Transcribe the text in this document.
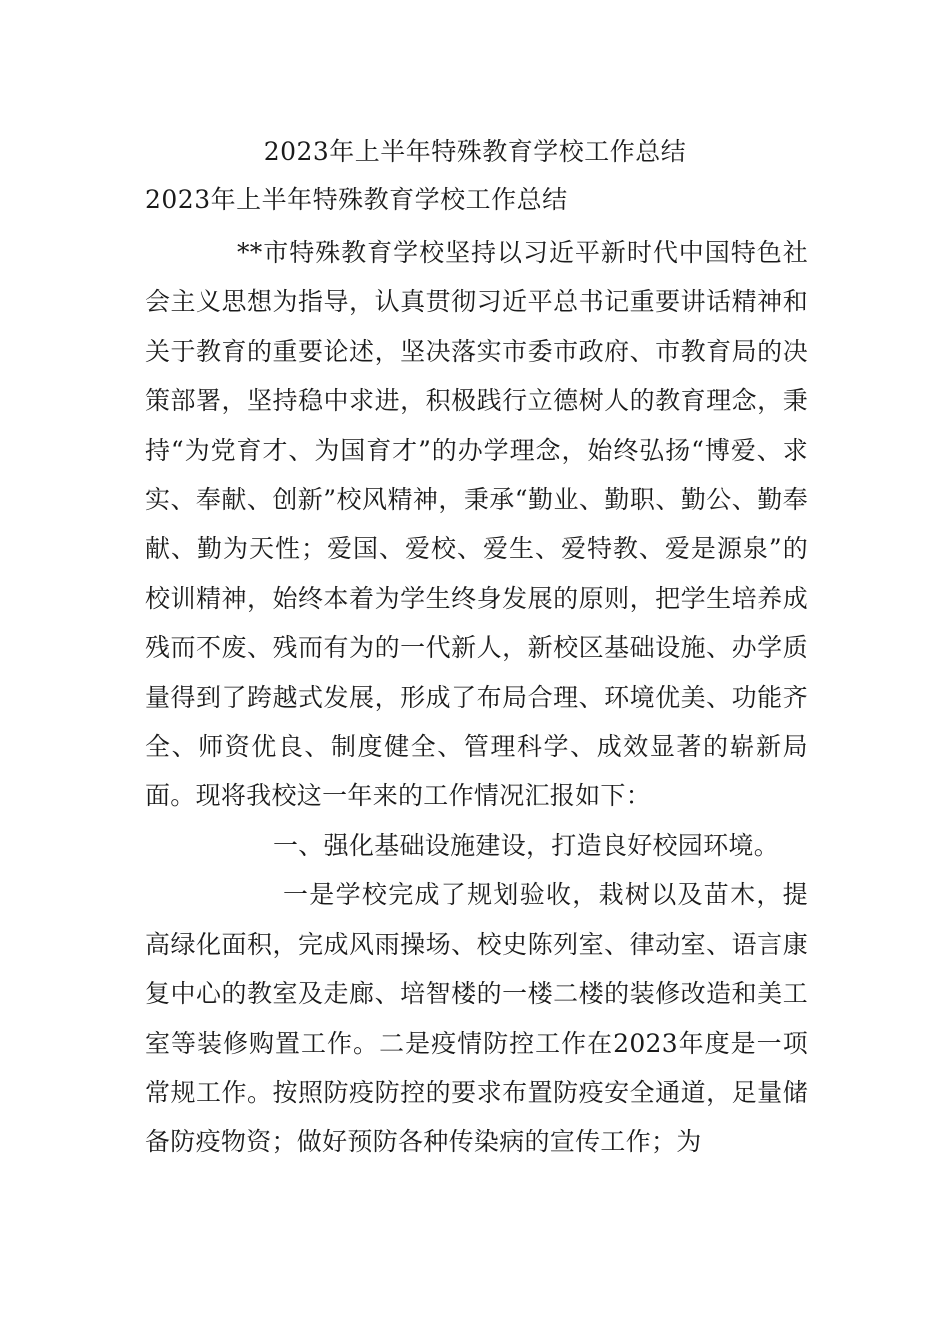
2023年上半年特殊教育学校工作总结
2023年上半年特殊教育学校工作总结

**市特殊教育学校坚持以习近平新时代中国特色社会主义思想为指导，认真贯彻习近平总书记重要讲话精神和关于教育的重要论述，坚决落实市委市政府、市教育局的决策部署，坚持稳中求进，积极践行立德树人的教育理念，秉持“为党育才、为国育才”的办学理念，始终弘扬“博爱、求实、奉献、创新”校风精神，秉承“勤业、勤职、勤公、勤奉献、勤为天性；爱国、爱校、爱生、爱特教、爱是源泉”的校训精神，始终本着为学生终身发展的原则，把学生培养成残而不废、残而有为的一代新人，新校区基础设施、办学质量得到了跨越式发展，形成了布局合理、环境优美、功能齐全、师资优良、制度健全、管理科学、成效显著的崭新局面。现将我校这一年来的工作情况汇报如下：

一、强化基础设施建设，打造良好校园环境。

一是学校完成了规划验收，栽树以及苗木，提高绿化面积，完成风雨操场、校史陈列室、律动室、语言康复中心的教室及走廊、培智楼的一楼二楼的装修改造和美工室等装修购置工作。二是疫情防控工作在2023年度是一项常规工作。按照防疫防控的要求布置防疫安全通道，足量储备防疫物资；做好预防各种传染病的宣传工作；为
